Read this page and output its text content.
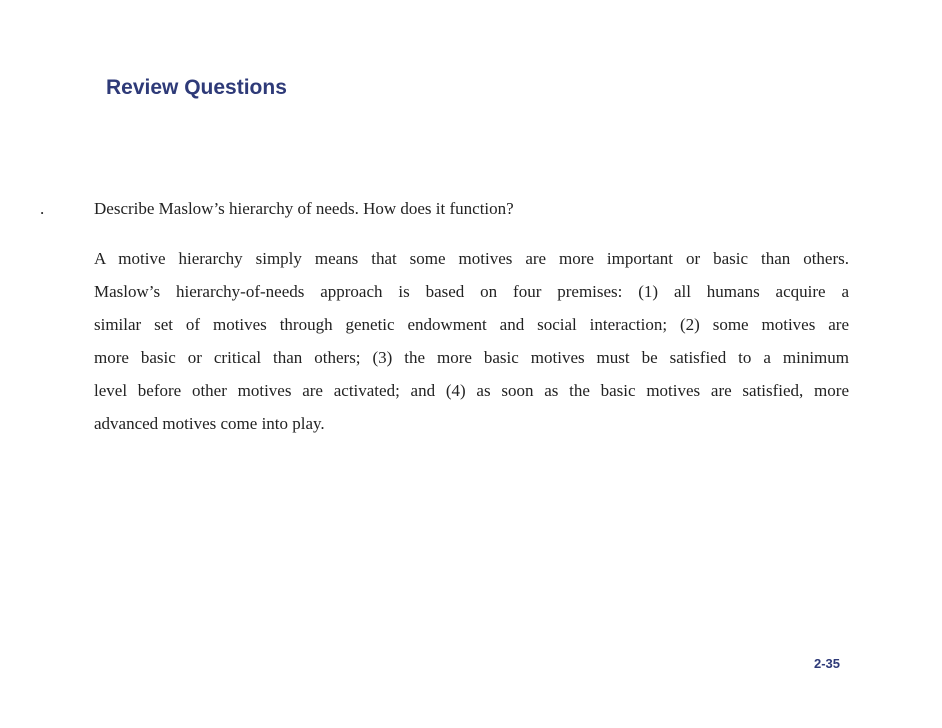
Review Questions
.	Describe Maslow’s hierarchy of needs. How does it function?

A motive hierarchy simply means that some motives are more important or basic than others.
Maslow’s hierarchy-of-needs approach is based on four premises: (1) all humans acquire a
similar set of motives through genetic endowment and social interaction; (2) some motives are
more basic or critical than others; (3) the more basic motives must be satisfied to a minimum
level before other motives are activated; and (4) as soon as the basic motives are satisfied, more
advanced motives come into play.

2-35
